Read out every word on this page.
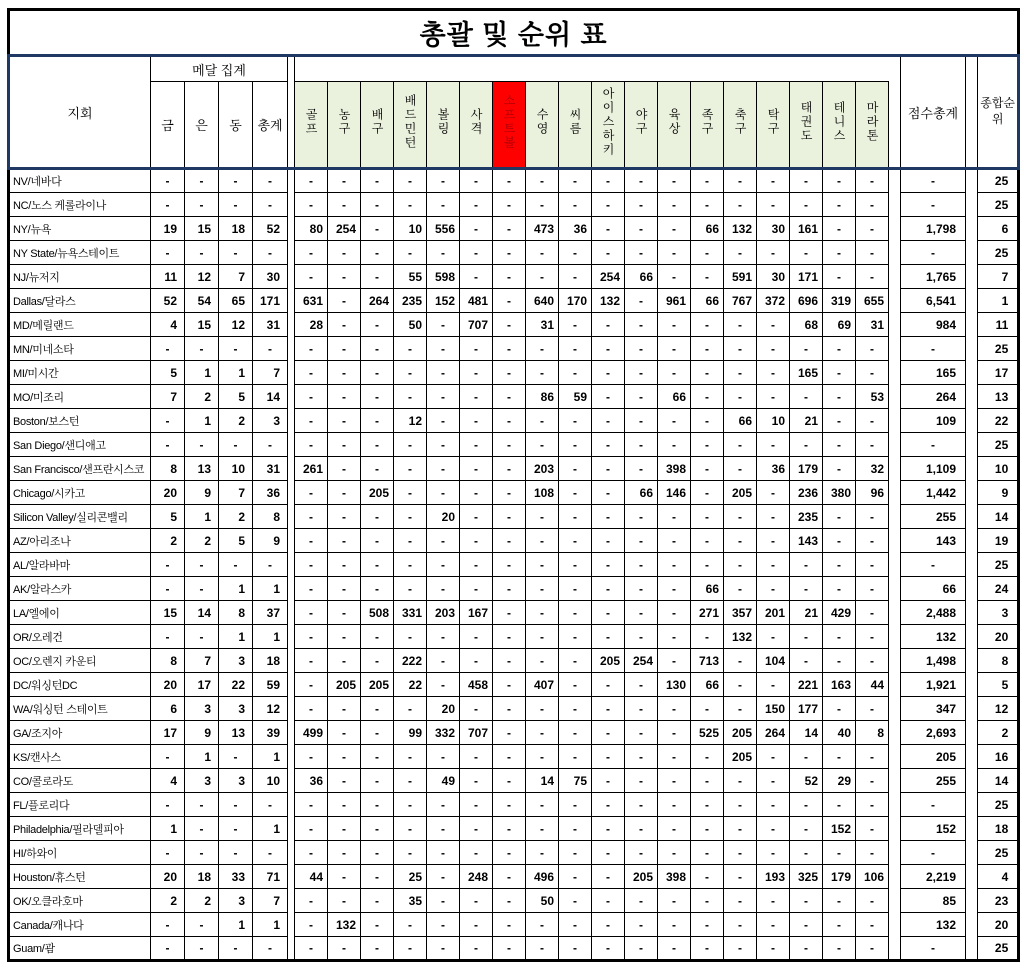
총괄 및 순위 표																											
지회	메달 집계																								점수총계		종합순위
	금	은	동	총계		골프	농구	배구	배드민턴	볼링	사격	소프트볼	수영	씨름	아이스하키	야구	육상	족구	축구	탁구	태권도	테니스	마라톤				
NV/네바다	-	-	-	-		-	-	-	-	-	-	-	-	-	-	-	-	-	-	-	-	-	-		-		25
NC/노스 케롤라이나	-	-	-	-		-	-	-	-	-	-	-	-	-	-	-	-	-	-	-	-	-	-		-		25
NY/뉴욕	19	15	18	52		80	254	-	10	556	-	-	473	36	-	-	-	66	132	30	161	-	-		1,798		6
NY State/뉴욕스테이트	-	-	-	-		-	-	-	-	-	-	-	-	-	-	-	-	-	-	-	-	-	-		-		25
NJ/뉴저지	11	12	7	30		-	-	-	55	598	-	-	-	-	254	66	-	-	591	30	171	-	-		1,765		7
Dallas/달라스	52	54	65	171		631	-	264	235	152	481	-	640	170	132	-	961	66	767	372	696	319	655		6,541		1
MD/메릴랜드	4	15	12	31		28	-	-	50	-	707	-	31	-	-	-	-	-	-	-	68	69	31		984		11
MN/미네소타	-	-	-	-		-	-	-	-	-	-	-	-	-	-	-	-	-	-	-	-	-	-		-		25
MI/미시간	5	1	1	7		-	-	-	-	-	-	-	-	-	-	-	-	-	-	-	165	-	-		165		17
MO/미조리	7	2	5	14		-	-	-	-	-	-	-	86	59	-	-	66	-	-	-	-	-	53		264		13
Boston/보스턴	-	1	2	3		-	-	-	12	-	-	-	-	-	-	-	-	-	66	10	21	-	-		109		22
San Diego/샌디애고	-	-	-	-		-	-	-	-	-	-	-	-	-	-	-	-	-	-	-	-	-	-		-		25
San Francisco/샌프란시스코	8	13	10	31		261	-	-	-	-	-	-	203	-	-	-	398	-	-	36	179	-	32		1,109		10
Chicago/시카고	20	9	7	36		-	-	205	-	-	-	-	108	-	-	66	146	-	205	-	236	380	96		1,442		9
Silicon Valley/실리콘밸리	5	1	2	8		-	-	-	-	20	-	-	-	-	-	-	-	-	-	-	235	-	-		255		14
AZ/아리조나	2	2	5	9		-	-	-	-	-	-	-	-	-	-	-	-	-	-	-	143	-	-		143		19
AL/알라바마	-	-	-	-		-	-	-	-	-	-	-	-	-	-	-	-	-	-	-	-	-	-		-		25
AK/알라스카	-	-	1	1		-	-	-	-	-	-	-	-	-	-	-	-	66	-	-	-	-	-		66		24
LA/엘에이	15	14	8	37		-	-	508	331	203	167	-	-	-	-	-	-	271	357	201	21	429	-		2,488		3
OR/오레건	-	-	1	1		-	-	-	-	-	-	-	-	-	-	-	-	-	132	-	-	-	-		132		20
OC/오렌지 카운티	8	7	3	18		-	-	-	222	-	-	-	-	-	205	254	-	713	-	104	-	-	-		1,498		8
DC/워싱턴DC	20	17	22	59		-	205	205	22	-	458	-	407	-	-	-	130	66	-	-	221	163	44		1,921		5
WA/워싱턴 스테이트	6	3	3	12		-	-	-	-	20	-	-	-	-	-	-	-	-	-	150	177	-	-		347		12
GA/조지아	17	9	13	39		499	-	-	99	332	707	-	-	-	-	-	-	525	205	264	14	40	8		2,693		2
KS/캔사스	-	1	-	1		-	-	-	-	-	-	-	-	-	-	-	-	-	205	-	-	-	-		205		16
CO/콜로라도	4	3	3	10		36	-	-	-	49	-	-	14	75	-	-	-	-	-	-	52	29	-		255		14
FL/플로리다	-	-	-	-		-	-	-	-	-	-	-	-	-	-	-	-	-	-	-	-	-	-		-		25
Philadelphia/필라델피아	1	-	-	1		-	-	-	-	-	-	-	-	-	-	-	-	-	-	-	-	152	-		152		18
HI/하와이	-	-	-	-		-	-	-	-	-	-	-	-	-	-	-	-	-	-	-	-	-	-		-		25
Houston/휴스턴	20	18	33	71		44	-	-	25	-	248	-	496	-	-	205	398	-	-	193	325	179	106		2,219		4
OK/오클라호마	2	2	3	7		-	-	-	35	-	-	-	50	-	-	-	-	-	-	-	-	-	-		85		23
Canada/캐나다	-	-	1	1		-	132	-	-	-	-	-	-	-	-	-	-	-	-	-	-	-	-		132		20
Guam/괌	-	-	-	-		-	-	-	-	-	-	-	-	-	-	-	-	-	-	-	-	-	-		-		25
